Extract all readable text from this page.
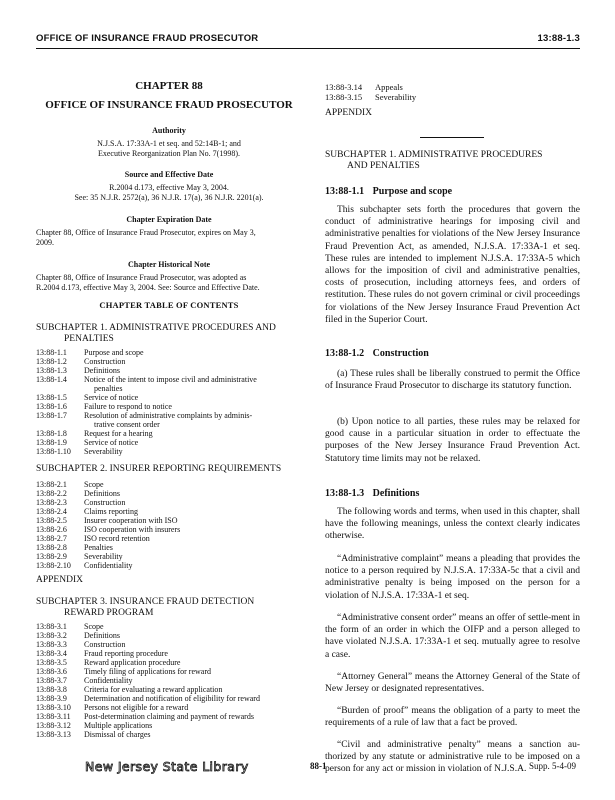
OFFICE OF INSURANCE FRAUD PROSECUTOR	13:88-1.3
CHAPTER 88
OFFICE OF INSURANCE FRAUD PROSECUTOR
Authority
N.J.S.A. 17:33A-1 et seq. and 52:14B-1; and
Executive Reorganization Plan No. 7(1998).
Source and Effective Date
R.2004 d.173, effective May 3, 2004.
See: 35 N.J.R. 2572(a), 36 N.J.R. 17(a), 36 N.J.R. 2201(a).
Chapter Expiration Date
Chapter 88, Office of Insurance Fraud Prosecutor, expires on May 3,
2009.
Chapter Historical Note
Chapter 88, Office of Insurance Fraud Prosecutor, was adopted as
R.2004 d.173, effective May 3, 2004. See: Source and Effective Date.
CHAPTER TABLE OF CONTENTS
SUBCHAPTER 1. ADMINISTRATIVE PROCEDURES AND
PENALTIES
13:88-1.1 Purpose and scope
13:88-1.2 Construction
13:88-1.3 Definitions
13:88-1.4 Notice of the intent to impose civil and administrative
penalties
13:88-1.5 Service of notice
13:88-1.6 Failure to respond to notice
13:88-1.7 Resolution of administrative complaints by adminis-
trative consent order
13:88-1.8 Request for a hearing
13:88-1.9 Service of notice
13:88-1.10 Severability
SUBCHAPTER 2. INSURER REPORTING REQUIREMENTS
13:88-2.1 Scope
13:88-2.2 Definitions
13:88-2.3 Construction
13:88-2.4 Claims reporting
13:88-2.5 Insurer cooperation with ISO
13:88-2.6 ISO cooperation with insurers
13:88-2.7 ISO record retention
13:88-2.8 Penalties
13:88-2.9 Severability
13:88-2.10 Confidentiality
APPENDIX
SUBCHAPTER 3. INSURANCE FRAUD DETECTION
REWARD PROGRAM
13:88-3.1 Scope
13:88-3.2 Definitions
13:88-3.3 Construction
13:88-3.4 Fraud reporting procedure
13:88-3.5 Reward application procedure
13:88-3.6 Timely filing of applications for reward
13:88-3.7 Confidentiality
13:88-3.8 Criteria for evaluating a reward application
13:88-3.9 Determination and notification of eligibility for reward
13:88-3.10 Persons not eligible for a reward
13:88-3.11 Post-determination claiming and payment of rewards
13:88-3.12 Multiple applications
13:88-3.13 Dismissal of charges
13:88-3.14 Appeals
13:88-3.15 Severability
APPENDIX
SUBCHAPTER 1. ADMINISTRATIVE PROCEDURES
AND PENALTIES
13:88-1.1 Purpose and scope
This subchapter sets forth the procedures that govern the conduct of administrative hearings for imposing civil and administrative penalties for violations of the New Jersey Insurance Fraud Prevention Act, as amended, N.J.S.A. 17:33A-1 et seq. These rules are intended to implement N.J.S.A. 17:33A-5 which allows for the imposition of civil and administrative penalties, costs of prosecution, including attorneys fees, and orders of restitution. These rules do not govern criminal or civil proceedings for violations of the New Jersey Insurance Fraud Prevention Act filed in the Superior Court.
13:88-1.2 Construction
(a) These rules shall be liberally construed to permit the Office of Insurance Fraud Prosecutor to discharge its statutory function.
(b) Upon notice to all parties, these rules may be relaxed for good cause in a particular situation in order to effectuate the purposes of the New Jersey Insurance Fraud Prevention Act. Statutory time limits may not be relaxed.
13:88-1.3 Definitions
The following words and terms, when used in this chapter, shall have the following meanings, unless the context clearly indicates otherwise.
“Administrative complaint” means a pleading that provides the notice to a person required by N.J.S.A. 17:33A-5c that a civil and administrative penalty is being imposed on the person for a violation of N.J.S.A. 17:33A-1 et seq.
“Administrative consent order” means an offer of settle-ment in the form of an order in which the OIFP and a person alleged to have violated N.J.S.A. 17:33A-1 et seq. mutually agree to resolve a case.
“Attorney General” means the Attorney General of the State of New Jersey or designated representatives.
“Burden of proof” means the obligation of a party to meet the requirements of a rule of law that a fact be proved.
“Civil and administrative penalty” means a sanction au-thorized by any statute or administrative rule to be imposed on a person for any act or mission in violation of N.J.S.A.
New Jersey State Library	88-1	Supp. 5-4-09
